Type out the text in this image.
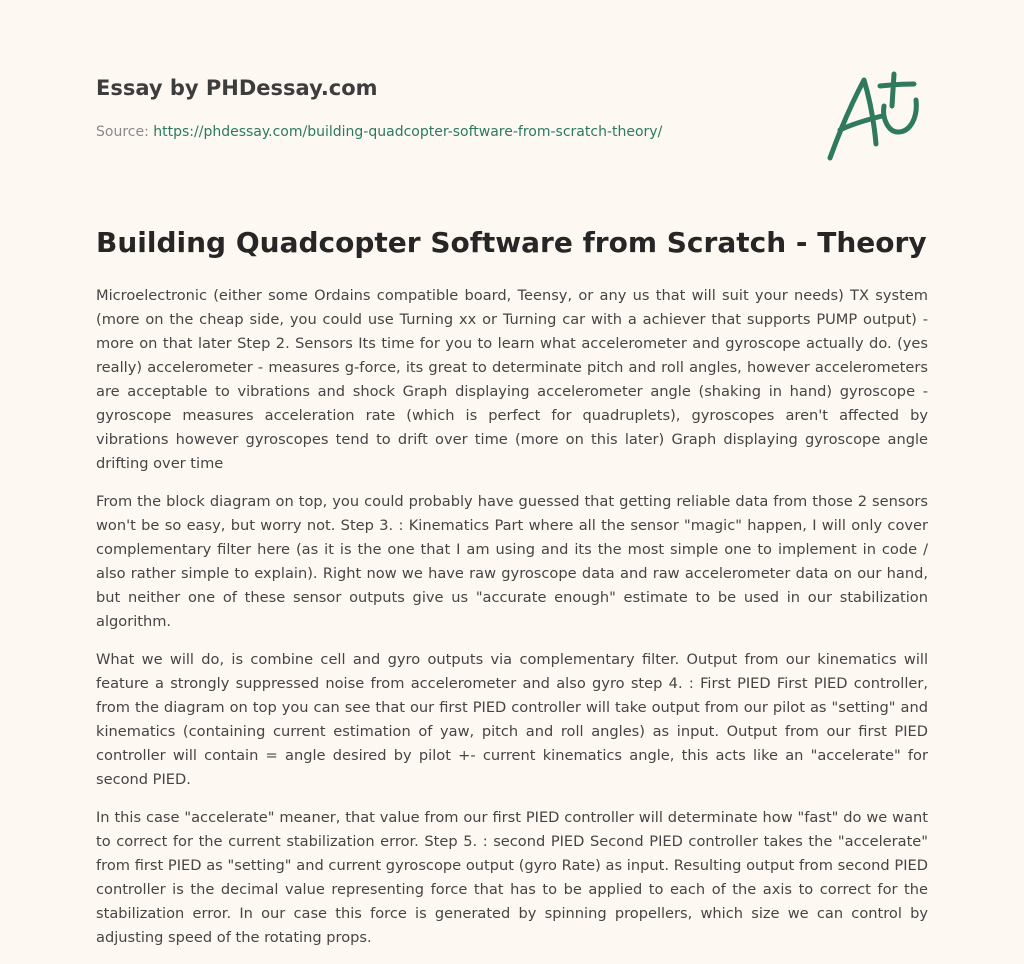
Essay by PHDessay.com
Source: https://phdessay.com/building-quadcopter-software-from-scratch-theory/
Building Quadcopter Software from Scratch - Theory

Microelectronic (either some Ordains compatible board, Teensy, or any us that will suit your needs) TX system (more on the cheap side, you could use Turning xx or Turning car with a achiever that supports PUMP output) - more on that later Step 2. Sensors Its time for you to learn what accelerometer and gyroscope actually do. (yes really) accelerometer - measures g-force, its great to determinate pitch and roll angles, however accelerometers are acceptable to vibrations and shock Graph displaying accelerometer angle (shaking in hand) gyroscope - gyroscope measures acceleration rate (which is perfect for quadruplets), gyroscopes aren't affected by vibrations however gyroscopes tend to drift over time (more on this later) Graph displaying gyroscope angle drifting over time

From the block diagram on top, you could probably have guessed that getting reliable data from those 2 sensors won't be so easy, but worry not. Step 3. : Kinematics Part where all the sensor "magic" happen, I will only cover complementary filter here (as it is the one that I am using and its the most simple one to implement in code / also rather simple to explain). Right now we have raw gyroscope data and raw accelerometer data on our hand, but neither one of these sensor outputs give us "accurate enough" estimate to be used in our stabilization algorithm.

What we will do, is combine cell and gyro outputs via complementary filter. Output from our kinematics will feature a strongly suppressed noise from accelerometer and also gyro step 4. : First PIED First PIED controller, from the diagram on top you can see that our first PIED controller will take output from our pilot as "setting" and kinematics (containing current estimation of yaw, pitch and roll angles) as input. Output from our first PIED controller will contain = angle desired by pilot +- current kinematics angle, this acts like an "accelerate" for second PIED.

In this case "accelerate" meaner, that value from our first PIED controller will determinate how "fast" do we want to correct for the current stabilization error. Step 5. : second PIED Second PIED controller takes the "accelerate" from first PIED as "setting" and current gyroscope output (gyro Rate) as input. Resulting output from second PIED controller is the decimal value representing force that has to be applied to each of the axis to correct for the stabilization error. In our case this force is generated by spinning propellers, which size we can control by adjusting speed of the rotating props.
